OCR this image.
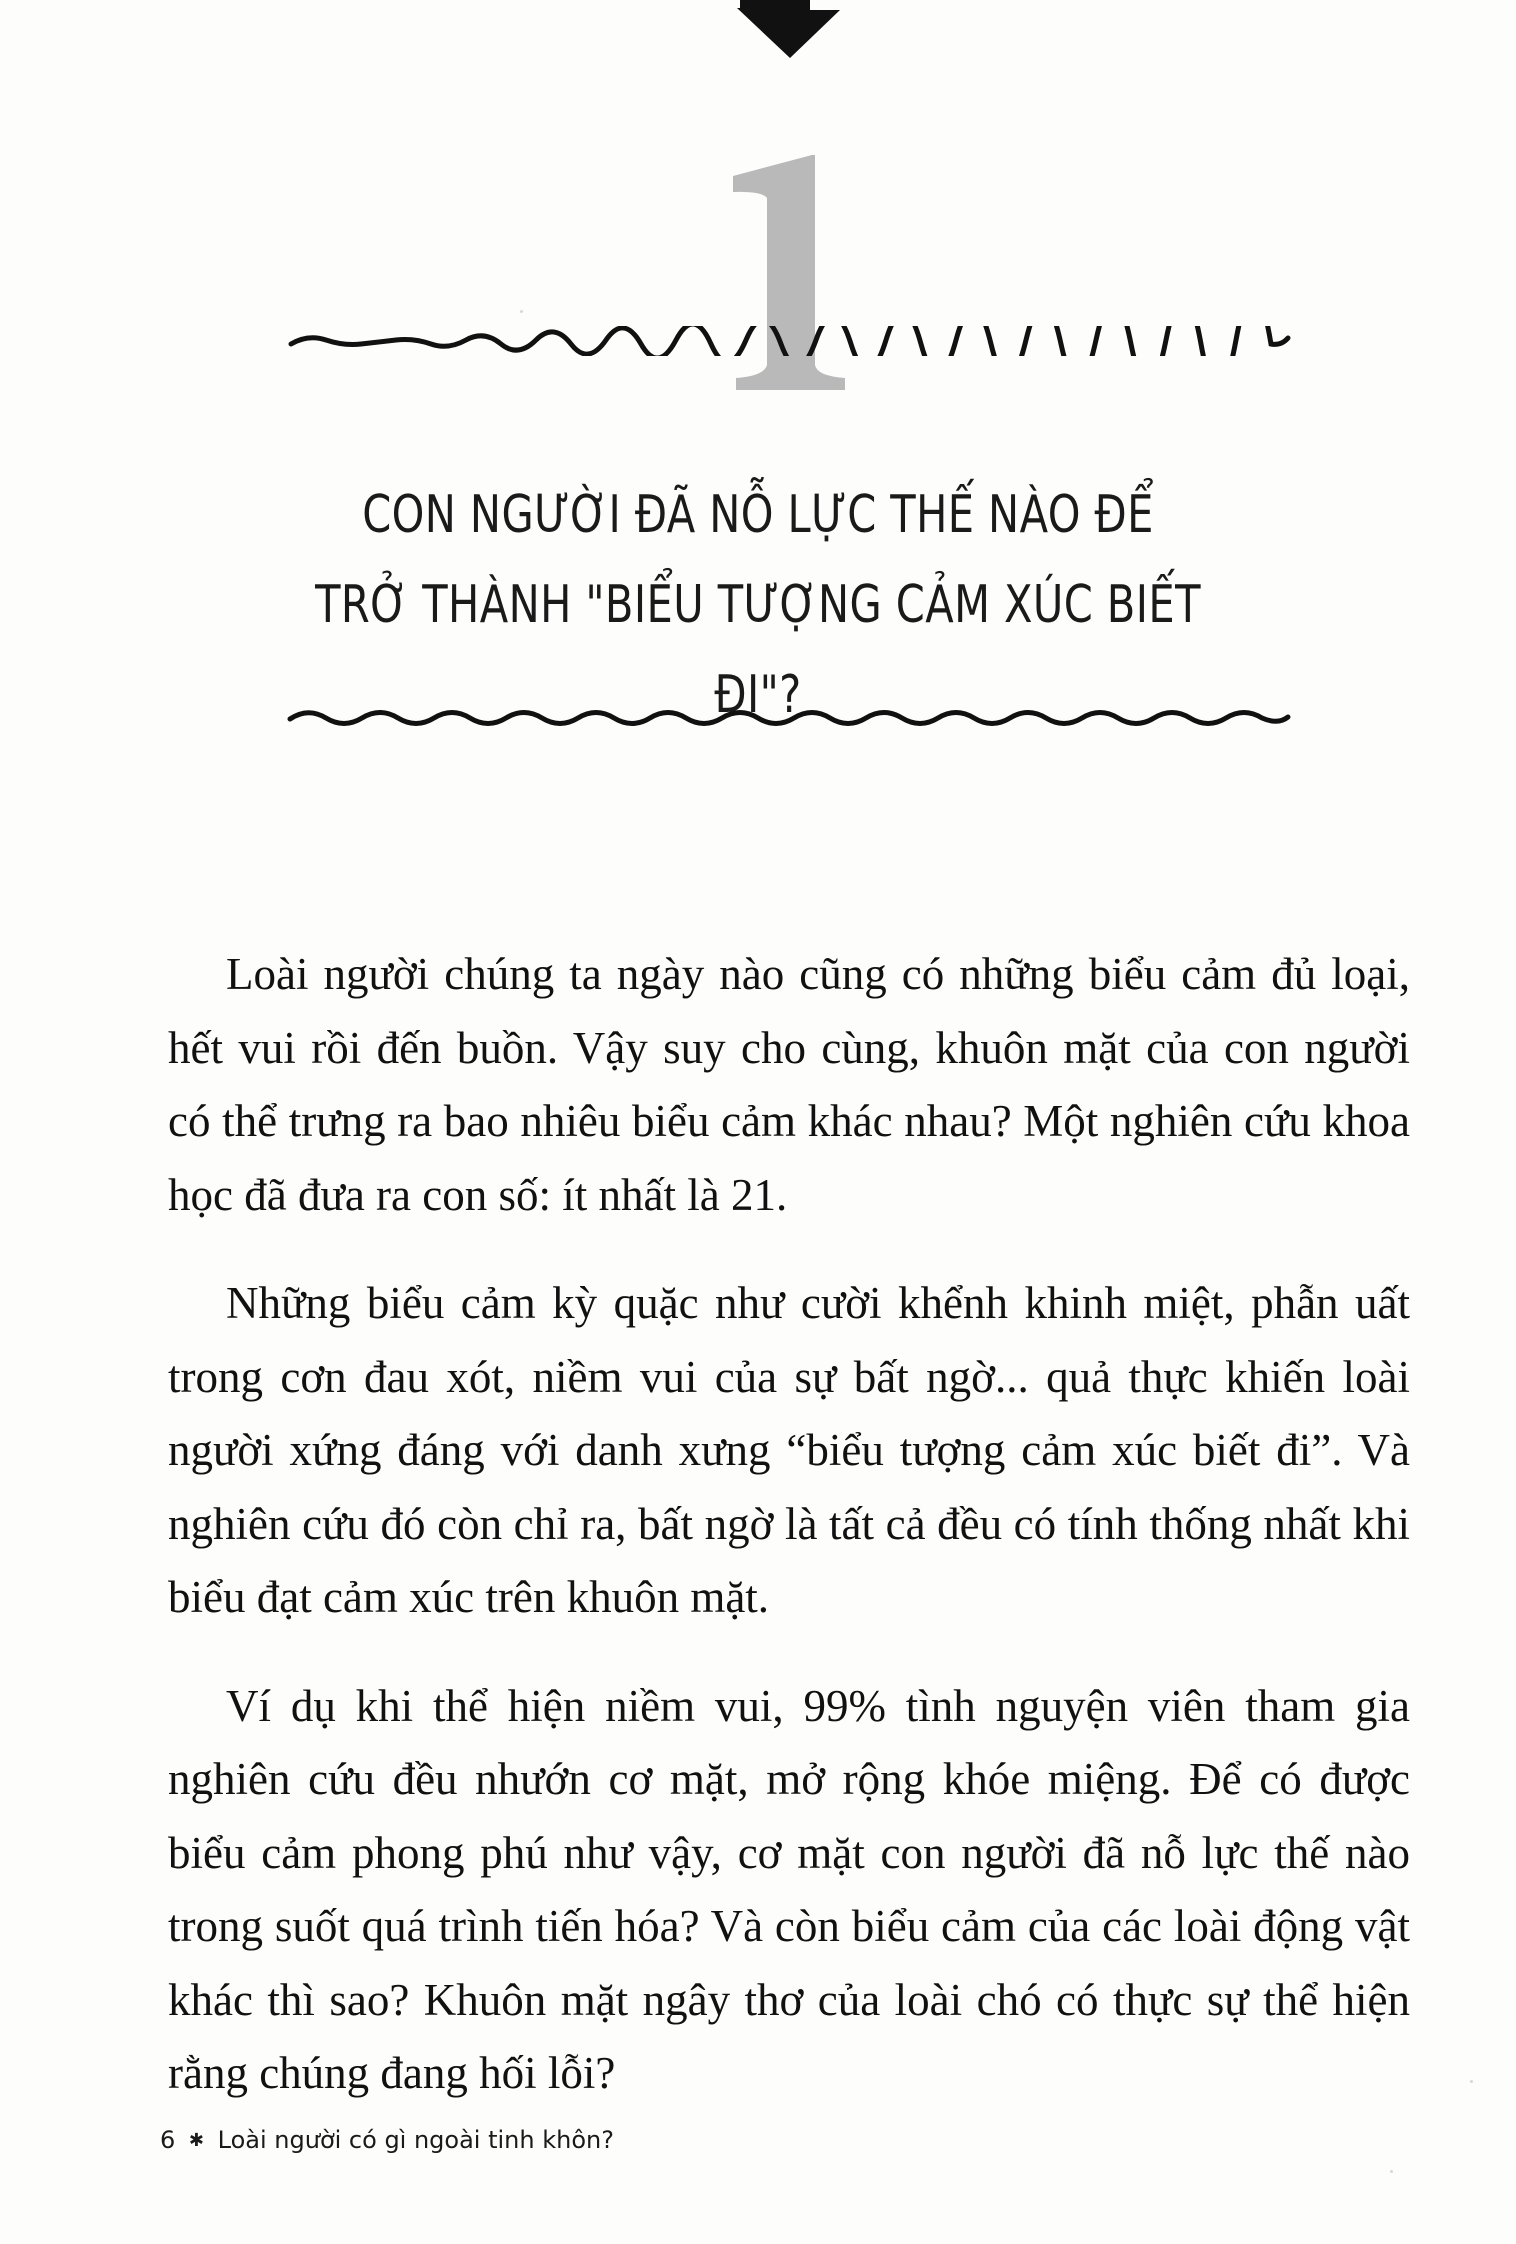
CON NGƯỜI ĐÃ NỖ LỰC THẾ NÀO ĐỂ
TRỞ THÀNH "BIỂU TƯỢNG CẢM XÚC BIẾT ĐI"?

Loài người chúng ta ngày nào cũng có những biểu cảm đủ loại, hết vui rồi đến buồn. Vậy suy cho cùng, khuôn mặt của con người có thể trưng ra bao nhiêu biểu cảm khác nhau? Một nghiên cứu khoa học đã đưa ra con số: ít nhất là 21.

Những biểu cảm kỳ quặc như cười khểnh khinh miệt, phẫn uất trong cơn đau xót, niềm vui của sự bất ngờ... quả thực khiến loài người xứng đáng với danh xưng “biểu tượng cảm xúc biết đi”. Và nghiên cứu đó còn chỉ ra, bất ngờ là tất cả đều có tính thống nhất khi biểu đạt cảm xúc trên khuôn mặt.

Ví dụ khi thể hiện niềm vui, 99% tình nguyện viên tham gia nghiên cứu đều nhướn cơ mặt, mở rộng khóe miệng. Để có được biểu cảm phong phú như vậy, cơ mặt con người đã nỗ lực thế nào trong suốt quá trình tiến hóa? Và còn biểu cảm của các loài động vật khác thì sao? Khuôn mặt ngây thơ của loài chó có thực sự thể hiện rằng chúng đang hối lỗi?

6 ✱ Loài người có gì ngoài tinh khôn?
